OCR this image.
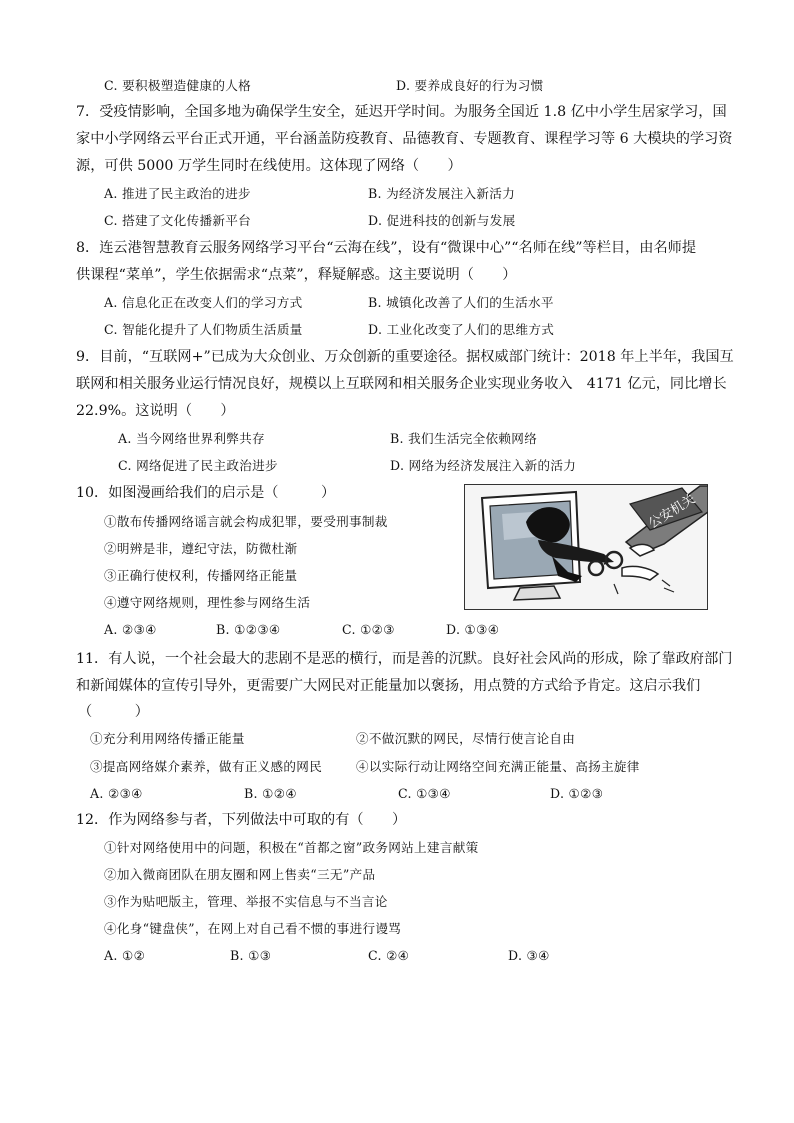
C. 要积极塑造健康的人格	D. 要养成良好的行为习惯
7．受疫情影响，全国多地为确保学生安全，延迟开学时间。为服务全国近 1.8 亿中小学生居家学习，国
家中小学网络云平台正式开通，平台涵盖防疫教育、品德教育、专题教育、课程学习等 6 大模块的学习资
源，可供 5000 万学生同时在线使用。这体现了网络（　　）
A. 推进了民主政治的进步	B. 为经济发展注入新活力
C. 搭建了文化传播新平台	D. 促进科技的创新与发展
8．连云港智慧教育云服务网络学习平台“云海在线”，设有“微课中心”“名师在线”等栏目，由名师提
供课程“菜单”，学生依据需求“点菜”，释疑解惑。这主要说明（　　）
A. 信息化正在改变人们的学习方式	B. 城镇化改善了人们的生活水平
C. 智能化提升了人们物质生活质量	D. 工业化改变了人们的思维方式
9．目前，“互联网+”已成为大众创业、万众创新的重要途径。据权威部门统计：2018 年上半年，我国互
联网和相关服务业运行情况良好，规模以上互联网和相关服务企业实现业务收入　4171 亿元，同比增长
22.9%。这说明（　　）
A. 当今网络世界利弊共存	B. 我们生活完全依赖网络
C. 网络促进了民主政治进步	D. 网络为经济发展注入新的活力
10．如图漫画给我们的启示是（　　　）
①散布传播网络谣言就会构成犯罪，要受刑事制裁
②明辨是非，遵纪守法，防微杜渐
③正确行使权利，传播网络正能量
④遵守网络规则，理性参与网络生活
A. ②③④	B. ①②③④	C. ①②③	D. ①③④
公安机关
11．有人说，一个社会最大的悲剧不是恶的横行，而是善的沉默。良好社会风尚的形成，除了靠政府部门
和新闻媒体的宣传引导外，更需要广大网民对正能量加以褒扬，用点赞的方式给予肯定。这启示我们
（　　　）
①充分利用网络传播正能量	②不做沉默的网民，尽情行使言论自由
③提高网络媒介素养，做有正义感的网民	④以实际行动让网络空间充满正能量、高扬主旋律
A. ②③④	B. ①②④	C. ①③④	D. ①②③
12．作为网络参与者，下列做法中可取的有（　　）
①针对网络使用中的问题，积极在“首都之窗”政务网站上建言献策
②加入微商团队在朋友圈和网上售卖“三无”产品
③作为贴吧版主，管理、举报不实信息与不当言论
④化身“键盘侠”，在网上对自己看不惯的事进行谩骂
A. ①②	B. ①③	C. ②④	D. ③④
